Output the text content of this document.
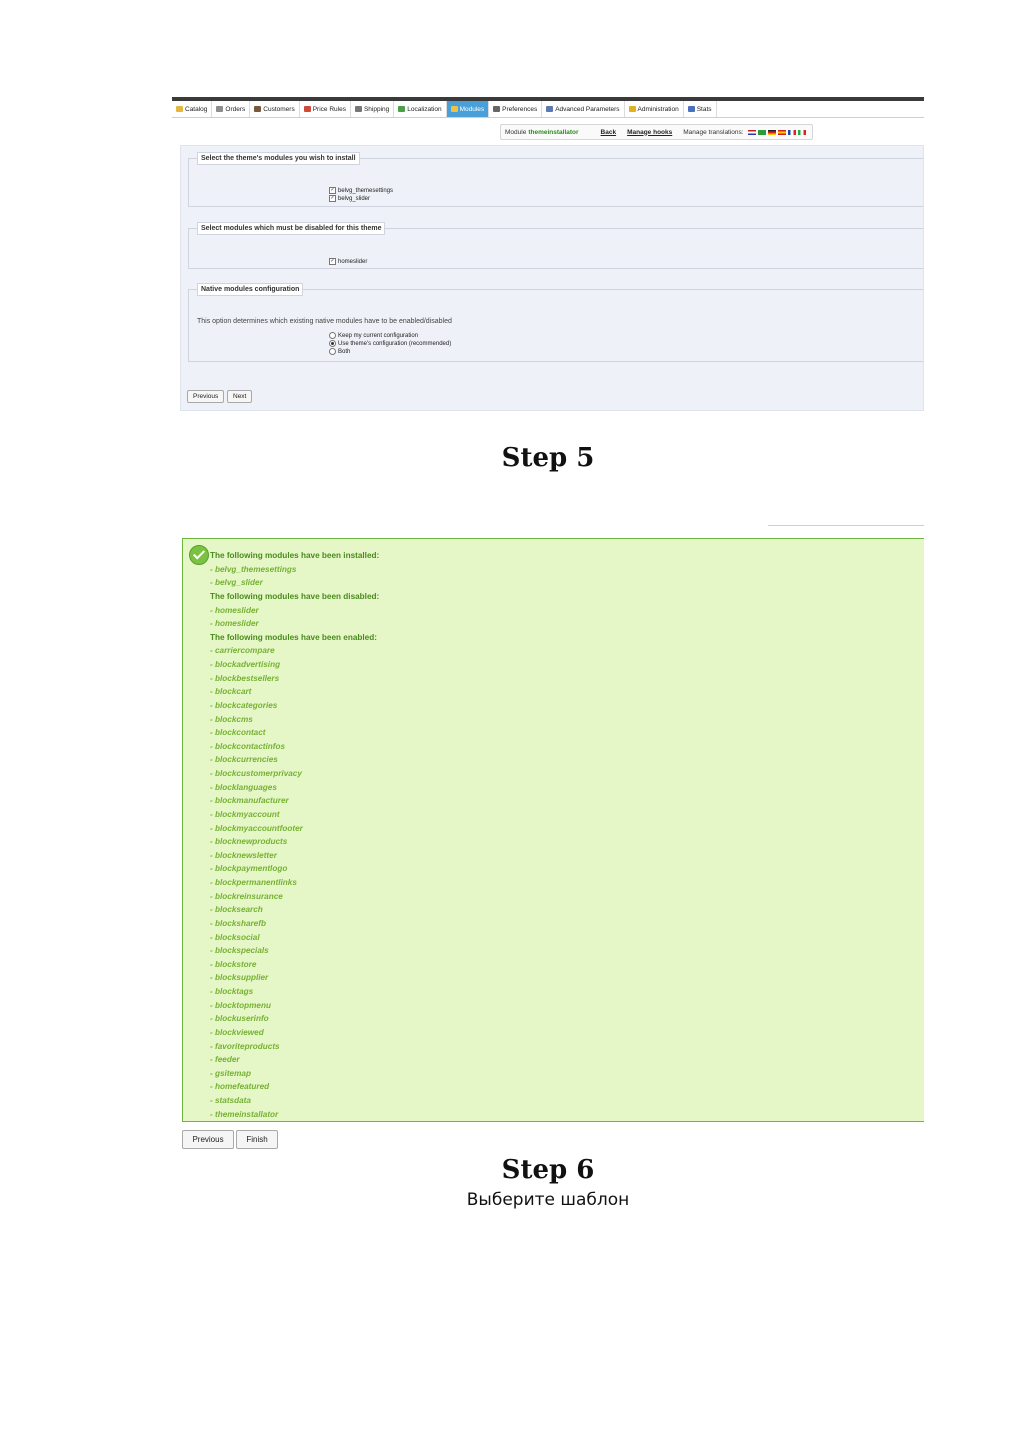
Catalog	Orders	Customers	Price Rules	Shipping	Localization	Modules	Preferences	Advanced Parameters	Administration	Stats
Module themeinstallator	Back Manage hooks Manage translations:
Select the theme's modules you wish to install
✓ belvg_themesettings
✓ belvg_slider
Select modules which must be disabled for this theme
✓ homeslider
Native modules configuration
This option determines which existing native modules have to be enabled/disabled
Keep my current configuration
Use theme's configuration (recommended)
Both
Previous	Next
Step 5
The following modules have been installed:
- belvg_themesettings
- belvg_slider
The following modules have been disabled:
- homeslider
- homeslider
The following modules have been enabled:
- carriercompare
- blockadvertising
- blockbestsellers
- blockcart
- blockcategories
- blockcms
- blockcontact
- blockcontactinfos
- blockcurrencies
- blockcustomerprivacy
- blocklanguages
- blockmanufacturer
- blockmyaccount
- blockmyaccountfooter
- blocknewproducts
- blocknewsletter
- blockpaymentlogo
- blockpermanentlinks
- blockreinsurance
- blocksearch
- blocksharefb
- blocksocial
- blockspecials
- blockstore
- blocksupplier
- blocktags
- blocktopmenu
- blockuserinfo
- blockviewed
- favoriteproducts
- feeder
- gsitemap
- homefeatured
- statsdata
- themeinstallator
Previous	Finish
Step 6
Выберите шаблон
